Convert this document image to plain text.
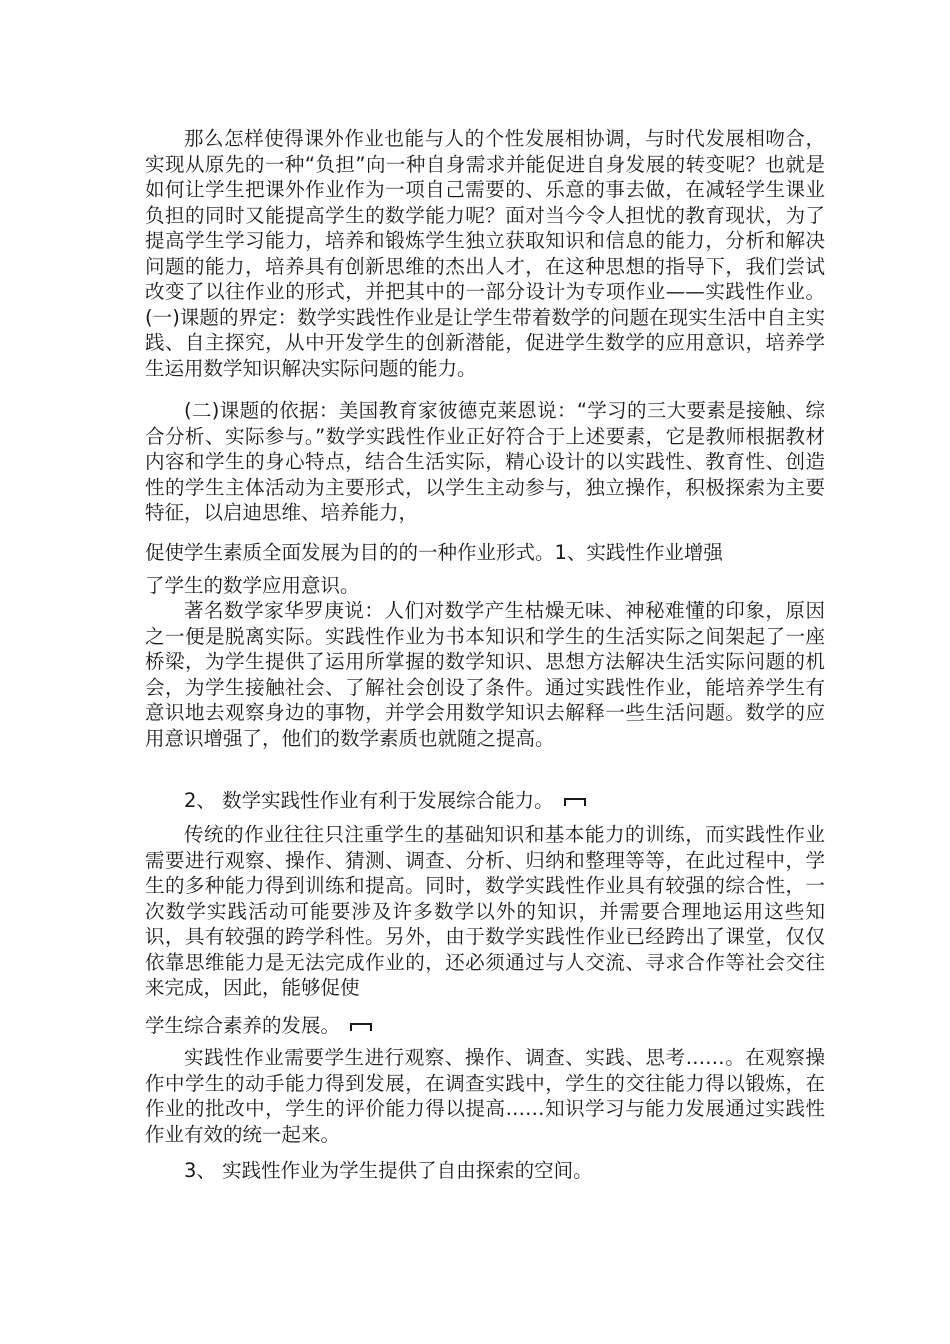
那么怎样使得课外作业也能与人的个性发展相协调，与时代发展相吻合，实现从原先的一种“负担”向一种自身需求并能促进自身发展的转变呢？也就是如何让学生把课外作业作为一项自己需要的、乐意的事去做，在减轻学生课业负担的同时又能提高学生的数学能力呢？面对当今令人担忧的教育现状，为了提高学生学习能力，培养和锻炼学生独立获取知识和信息的能力，分析和解决问题的能力，培养具有创新思维的杰出人才，在这种思想的指导下，我们尝试改变了以往作业的形式，并把其中的一部分设计为专项作业——实践性作业。(一)课题的界定：数学实践性作业是让学生带着数学的问题在现实生活中自主实践、自主探究，从中开发学生的创新潜能，促进学生数学的应用意识，培养学生运用数学知识解决实际问题的能力。

(二)课题的依据：美国教育家彼德克莱恩说：“学习的三大要素是接触、综合分析、实际参与。”数学实践性作业正好符合于上述要素，它是教师根据教材内容和学生的身心特点，结合生活实际，精心设计的以实践性、教育性、创造性的学生主体活动为主要形式，以学生主动参与，独立操作，积极探索为主要特征，以启迪思维、培养能力，

促使学生素质全面发展为目的的一种作业形式。1、实践性作业增强

了学生的数学应用意识。

著名数学家华罗庚说：人们对数学产生枯燥无味、神秘难懂的印象，原因之一便是脱离实际。实践性作业为书本知识和学生的生活实际之间架起了一座桥梁，为学生提供了运用所掌握的数学知识、思想方法解决生活实际问题的机会，为学生接触社会、了解社会创设了条件。通过实践性作业，能培养学生有意识地去观察身边的事物，并学会用数学知识去解释一些生活问题。数学的应用意识增强了，他们的数学素质也就随之提高。

2、 数学实践性作业有利于发展综合能力。

传统的作业往往只注重学生的基础知识和基本能力的训练，而实践性作业需要进行观察、操作、猜测、调查、分析、归纳和整理等等，在此过程中，学生的多种能力得到训练和提高。同时，数学实践性作业具有较强的综合性，一次数学实践活动可能要涉及许多数学以外的知识，并需要合理地运用这些知识，具有较强的跨学科性。另外，由于数学实践性作业已经跨出了课堂，仅仅依靠思维能力是无法完成作业的，还必须通过与人交流、寻求合作等社会交往来完成，因此，能够促使

学生综合素养的发展。

实践性作业需要学生进行观察、操作、调查、实践、思考……。在观察操作中学生的动手能力得到发展，在调查实践中，学生的交往能力得以锻炼，在作业的批改中，学生的评价能力得以提高……知识学习与能力发展通过实践性作业有效的统一起来。

3、 实践性作业为学生提供了自由探索的空间。
